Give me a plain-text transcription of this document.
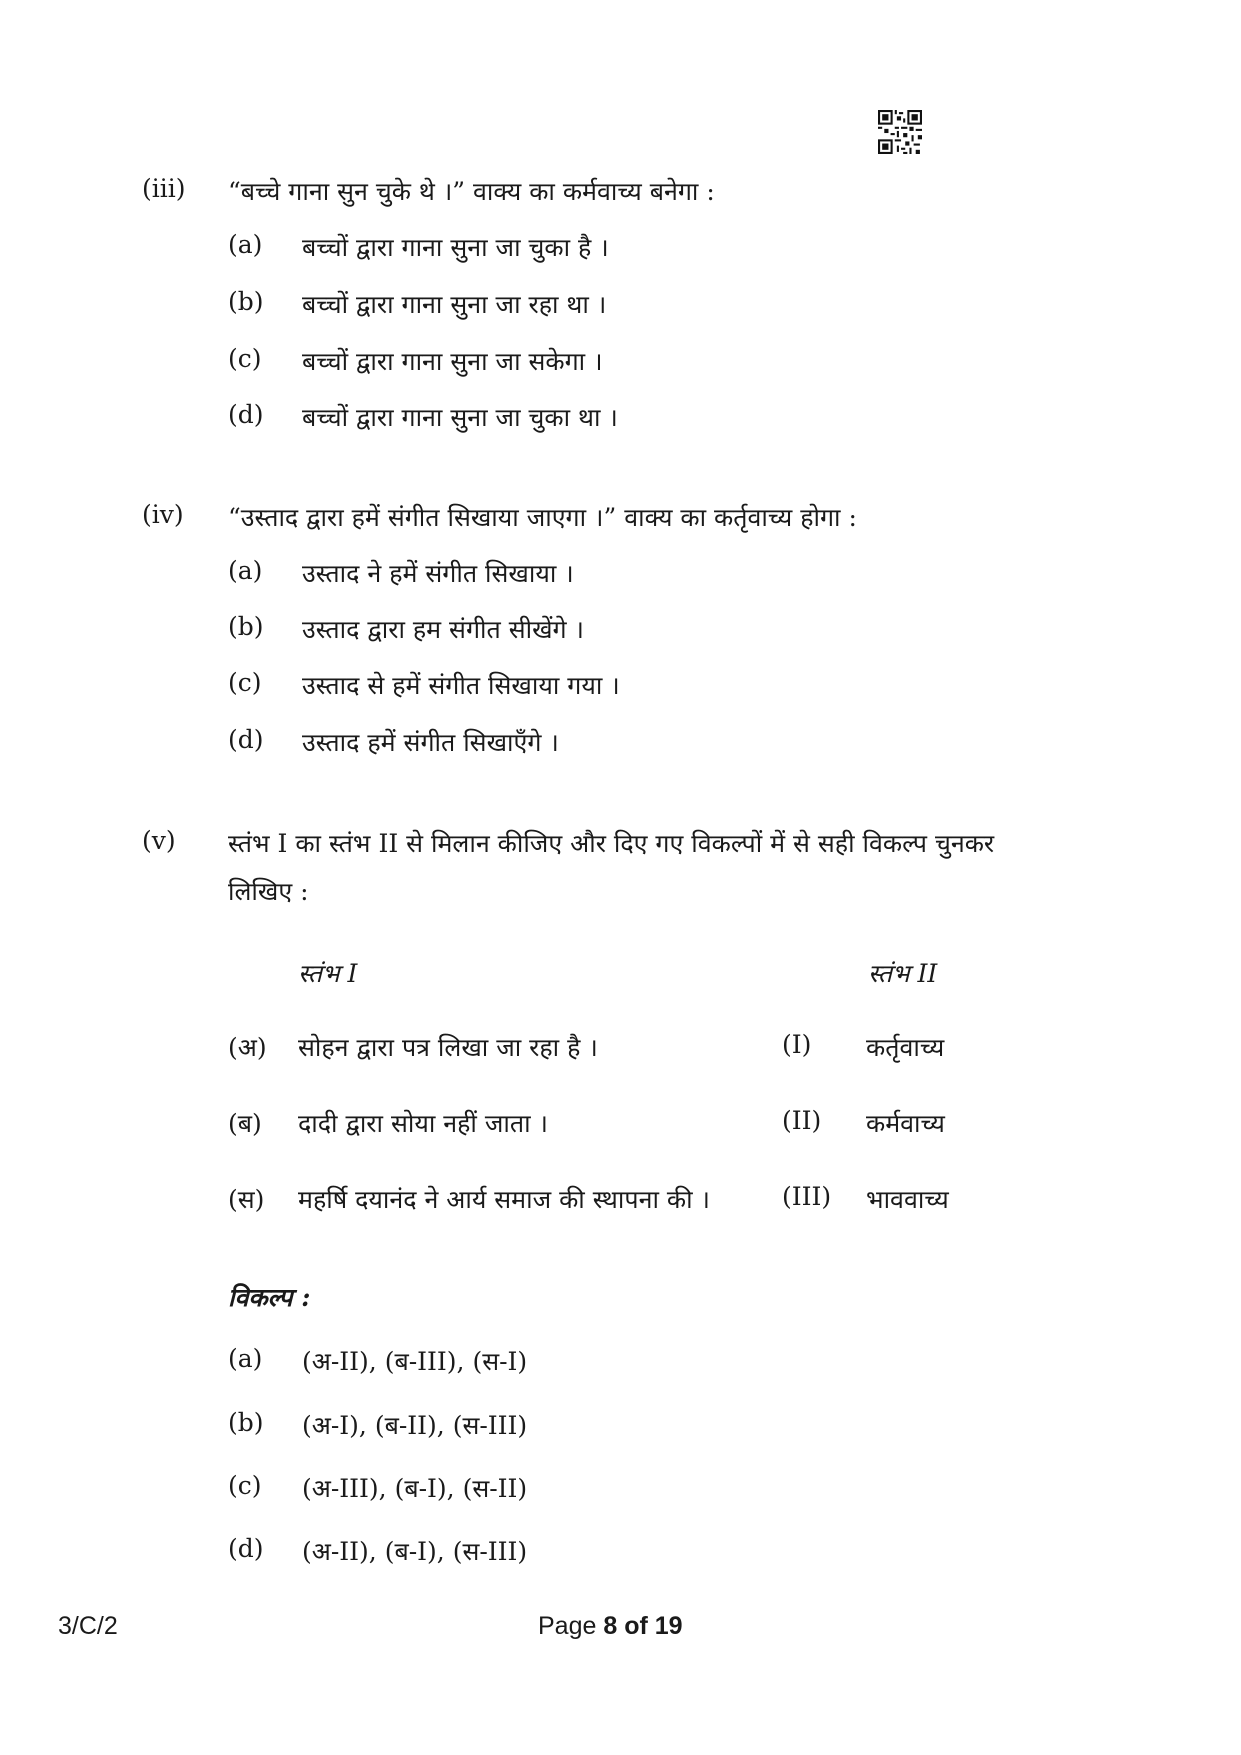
(iii) “बच्चे गाना सुन चुके थे ।” वाक्य का कर्मवाच्य बनेगा :
(a) बच्चों द्वारा गाना सुना जा चुका है ।
(b) बच्चों द्वारा गाना सुना जा रहा था ।
(c) बच्चों द्वारा गाना सुना जा सकेगा ।
(d) बच्चों द्वारा गाना सुना जा चुका था ।
(iv) “उस्ताद द्वारा हमें संगीत सिखाया जाएगा ।” वाक्य का कर्तृवाच्य होगा :
(a) उस्ताद ने हमें संगीत सिखाया ।
(b) उस्ताद द्वारा हम संगीत सीखेंगे ।
(c) उस्ताद से हमें संगीत सिखाया गया ।
(d) उस्ताद हमें संगीत सिखाएँगे ।
(v) स्तंभ I का स्तंभ II से मिलान कीजिए और दिए गए विकल्पों में से सही विकल्प चुनकर
लिखिए :
स्तंभ I	स्तंभ II
(अ) सोहन द्वारा पत्र लिखा जा रहा है ।	(I) कर्तृवाच्य
(ब) दादी द्वारा सोया नहीं जाता ।	(II) कर्मवाच्य
(स) महर्षि दयानंद ने आर्य समाज की स्थापना की ।	(III) भाववाच्य
विकल्प :
(a) (अ-II), (ब-III), (स-I)
(b) (अ-I), (ब-II), (स-III)
(c) (अ-III), (ब-I), (स-II)
(d) (अ-II), (ब-I), (स-III)
3/C/2	Page 8 of 19
